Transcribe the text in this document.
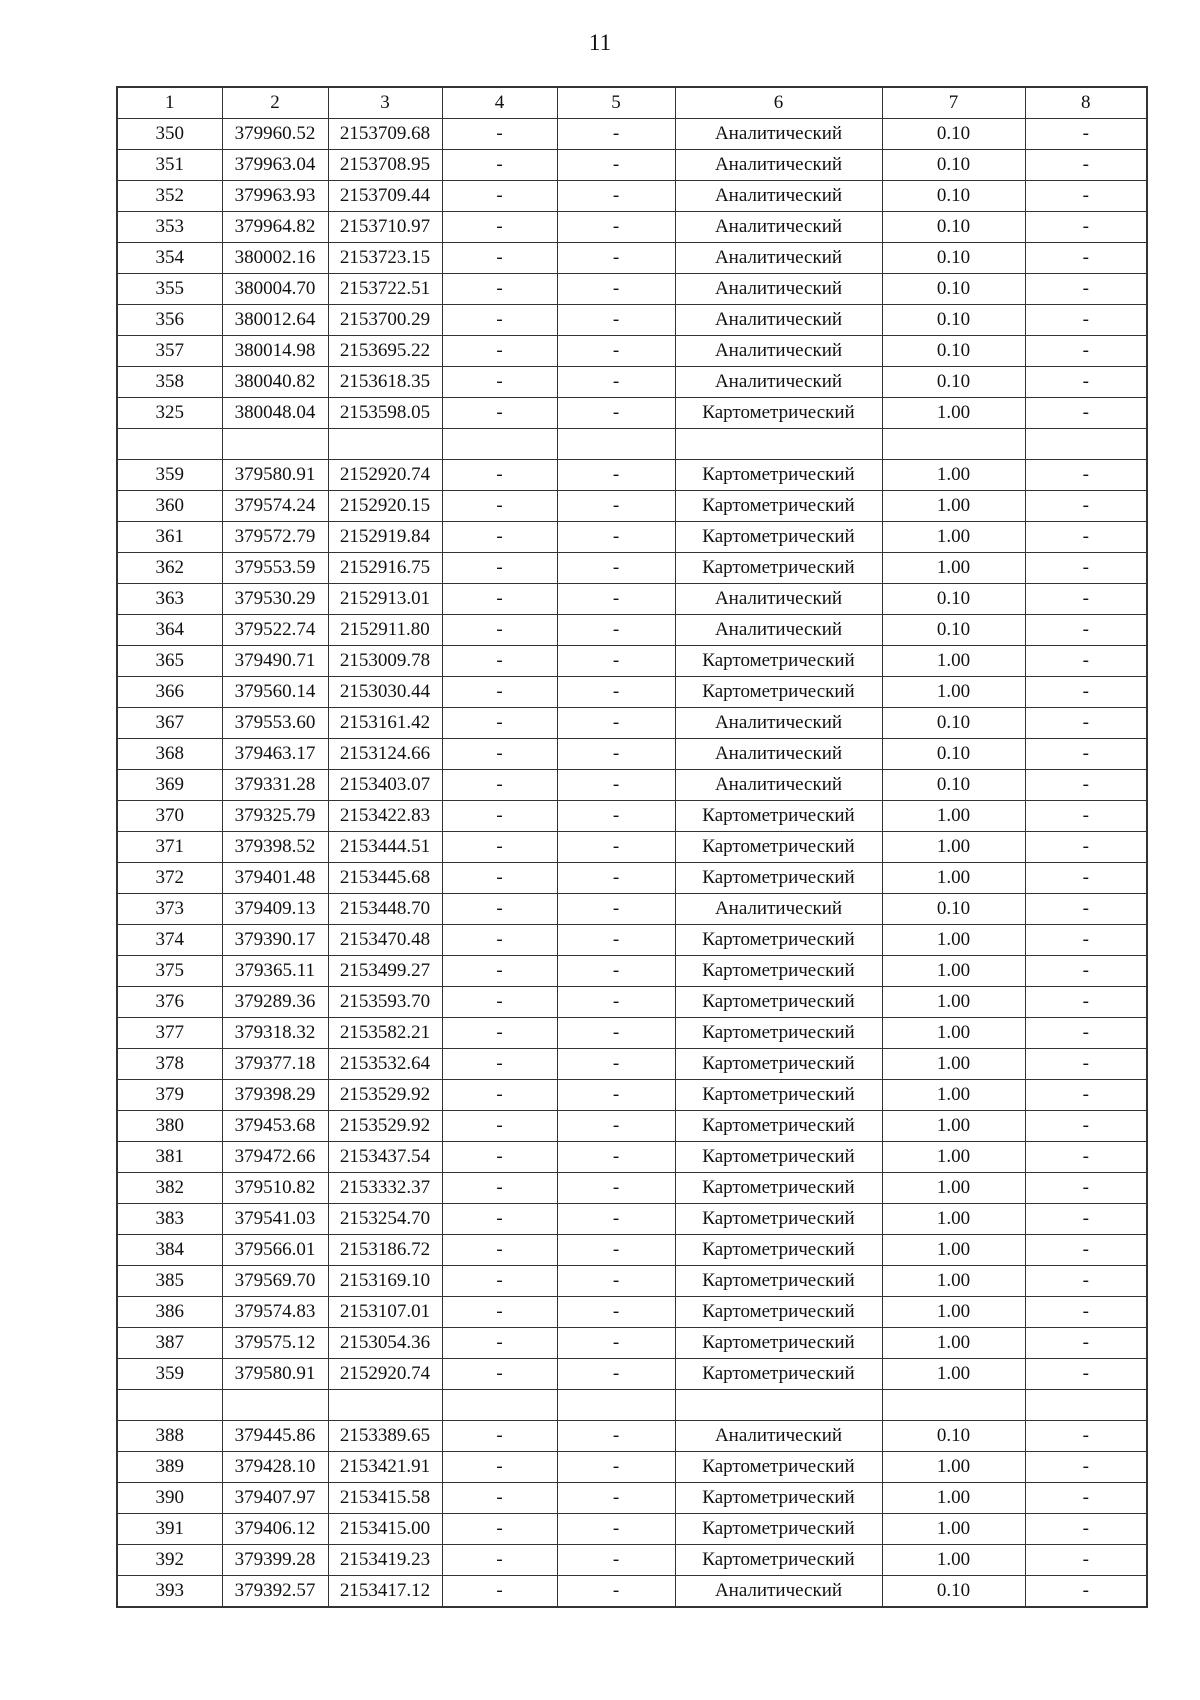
11
1	2	3	4	5	6	7	8
350	379960.52	2153709.68	-	-	Аналитический	0.10	-
351	379963.04	2153708.95	-	-	Аналитический	0.10	-
352	379963.93	2153709.44	-	-	Аналитический	0.10	-
353	379964.82	2153710.97	-	-	Аналитический	0.10	-
354	380002.16	2153723.15	-	-	Аналитический	0.10	-
355	380004.70	2153722.51	-	-	Аналитический	0.10	-
356	380012.64	2153700.29	-	-	Аналитический	0.10	-
357	380014.98	2153695.22	-	-	Аналитический	0.10	-
358	380040.82	2153618.35	-	-	Аналитический	0.10	-
325	380048.04	2153598.05	-	-	Картометрический	1.00	-

359	379580.91	2152920.74	-	-	Картометрический	1.00	-
360	379574.24	2152920.15	-	-	Картометрический	1.00	-
361	379572.79	2152919.84	-	-	Картометрический	1.00	-
362	379553.59	2152916.75	-	-	Картометрический	1.00	-
363	379530.29	2152913.01	-	-	Аналитический	0.10	-
364	379522.74	2152911.80	-	-	Аналитический	0.10	-
365	379490.71	2153009.78	-	-	Картометрический	1.00	-
366	379560.14	2153030.44	-	-	Картометрический	1.00	-
367	379553.60	2153161.42	-	-	Аналитический	0.10	-
368	379463.17	2153124.66	-	-	Аналитический	0.10	-
369	379331.28	2153403.07	-	-	Аналитический	0.10	-
370	379325.79	2153422.83	-	-	Картометрический	1.00	-
371	379398.52	2153444.51	-	-	Картометрический	1.00	-
372	379401.48	2153445.68	-	-	Картометрический	1.00	-
373	379409.13	2153448.70	-	-	Аналитический	0.10	-
374	379390.17	2153470.48	-	-	Картометрический	1.00	-
375	379365.11	2153499.27	-	-	Картометрический	1.00	-
376	379289.36	2153593.70	-	-	Картометрический	1.00	-
377	379318.32	2153582.21	-	-	Картометрический	1.00	-
378	379377.18	2153532.64	-	-	Картометрический	1.00	-
379	379398.29	2153529.92	-	-	Картометрический	1.00	-
380	379453.68	2153529.92	-	-	Картометрический	1.00	-
381	379472.66	2153437.54	-	-	Картометрический	1.00	-
382	379510.82	2153332.37	-	-	Картометрический	1.00	-
383	379541.03	2153254.70	-	-	Картометрический	1.00	-
384	379566.01	2153186.72	-	-	Картометрический	1.00	-
385	379569.70	2153169.10	-	-	Картометрический	1.00	-
386	379574.83	2153107.01	-	-	Картометрический	1.00	-
387	379575.12	2153054.36	-	-	Картометрический	1.00	-
359	379580.91	2152920.74	-	-	Картометрический	1.00	-

388	379445.86	2153389.65	-	-	Аналитический	0.10	-
389	379428.10	2153421.91	-	-	Картометрический	1.00	-
390	379407.97	2153415.58	-	-	Картометрический	1.00	-
391	379406.12	2153415.00	-	-	Картометрический	1.00	-
392	379399.28	2153419.23	-	-	Картометрический	1.00	-
393	379392.57	2153417.12	-	-	Аналитический	0.10	-
